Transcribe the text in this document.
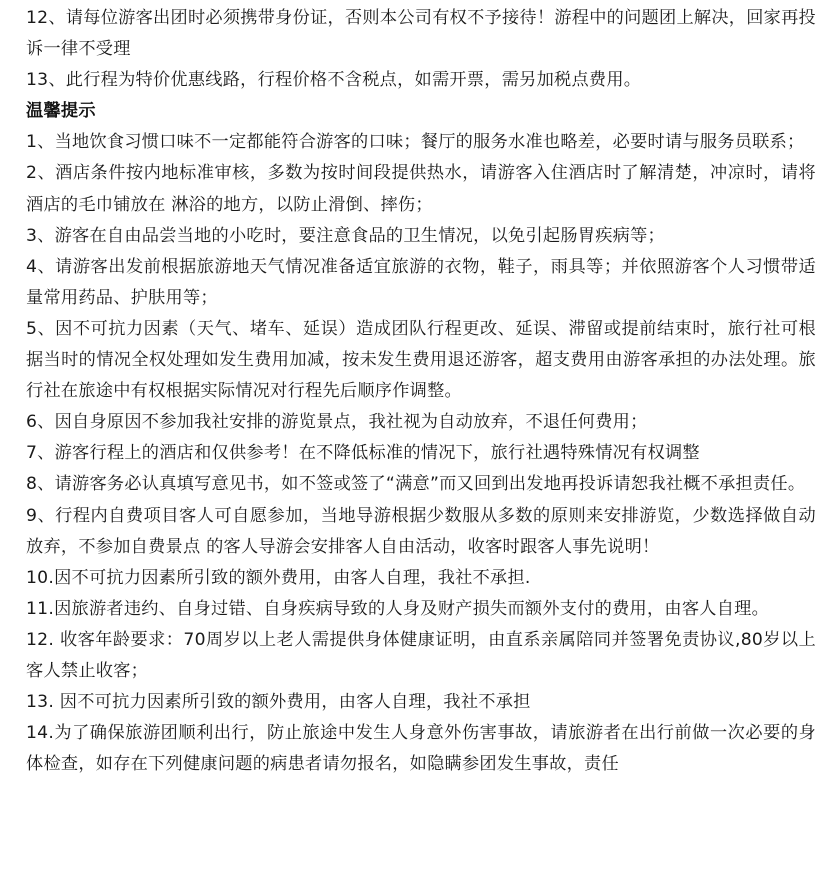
12、请每位游客出团时必须携带身份证，否则本公司有权不予接待！游程中的问题团上解决，回家再投诉一律不受理

13、此行程为特价优惠线路，行程价格不含税点，如需开票，需另加税点费用。

温馨提示

1、当地饮食习惯口味不一定都能符合游客的口味；餐厅的服务水准也略差，必要时请与服务员联系；

2、酒店条件按内地标准审核，多数为按时间段提供热水，请游客入住酒店时了解清楚，冲凉时，请将酒店的毛巾铺放在 淋浴的地方，以防止滑倒、摔伤；

3、游客在自由品尝当地的小吃时，要注意食品的卫生情况，以免引起肠胃疾病等；

4、请游客出发前根据旅游地天气情况准备适宜旅游的衣物，鞋子，雨具等；并依照游客个人习惯带适量常用药品、护肤用等；

5、因不可抗力因素（天气、堵车、延误）造成团队行程更改、延误、滞留或提前结束时，旅行社可根据当时的情况全权处理如发生费用加减，按未发生费用退还游客，超支费用由游客承担的办法处理。旅行社在旅途中有权根据实际情况对行程先后顺序作调整。

6、因自身原因不参加我社安排的游览景点，我社视为自动放弃，不退任何费用；

7、游客行程上的酒店和仅供参考！在不降低标准的情况下，旅行社遇特殊情况有权调整

8、请游客务必认真填写意见书，如不签或签了“满意”而又回到出发地再投诉请恕我社概不承担责任。

9、行程内自费项目客人可自愿参加，当地导游根据少数服从多数的原则来安排游览，少数选择做自动放弃，不参加自费景点 的客人导游会安排客人自由活动，收客时跟客人事先说明！

10.因不可抗力因素所引致的额外费用，由客人自理，我社不承担.

11.因旅游者违约、自身过错、自身疾病导致的人身及财产损失而额外支付的费用，由客人自理。

12. 收客年龄要求：70周岁以上老人需提供身体健康证明，由直系亲属陪同并签署免责协议,80岁以上客人禁止收客；

13. 因不可抗力因素所引致的额外费用，由客人自理，我社不承担

14.为了确保旅游团顺利出行，防止旅途中发生人身意外伤害事故，请旅游者在出行前做一次必要的身体检查，如存在下列健康问题的病患者请勿报名，如隐瞒参团发生事故，责任
